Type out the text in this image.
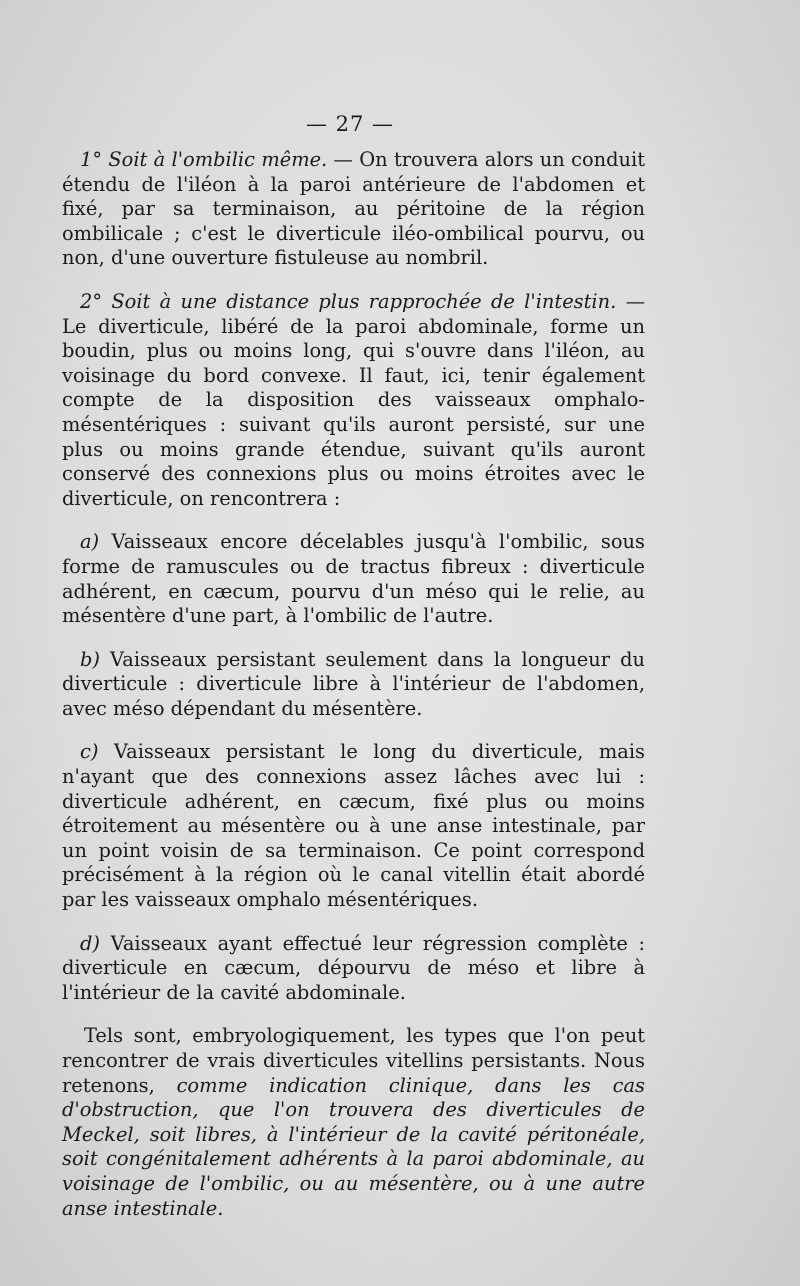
— 27 —

1° Soit à l'ombilic même. — On trouvera alors un conduit étendu de l'iléon à la paroi antérieure de l'abdomen et fixé, par sa terminaison, au péritoine de la région ombilicale ; c'est le diverticule iléo-ombilical pourvu, ou non, d'une ouverture fistuleuse au nombril.

2° Soit à une distance plus rapprochée de l'intestin. — Le diverticule, libéré de la paroi abdominale, forme un boudin, plus ou moins long, qui s'ouvre dans l'iléon, au voisinage du bord convexe. Il faut, ici, tenir également compte de la disposition des vaisseaux omphalo-mésentériques : suivant qu'ils auront persisté, sur une plus ou moins grande étendue, suivant qu'ils auront conservé des connexions plus ou moins étroites avec le diverticule, on rencontrera :

a) Vaisseaux encore décelables jusqu'à l'ombilic, sous forme de ramuscules ou de tractus fibreux : diverticule adhérent, en cæcum, pourvu d'un méso qui le relie, au mésentère d'une part, à l'ombilic de l'autre.

b) Vaisseaux persistant seulement dans la longueur du diverticule : diverticule libre à l'intérieur de l'abdomen, avec méso dépendant du mésentère.

c) Vaisseaux persistant le long du diverticule, mais n'ayant que des connexions assez lâches avec lui : diverticule adhérent, en cæcum, fixé plus ou moins étroitement au mésentère ou à une anse intestinale, par un point voisin de sa terminaison. Ce point correspond précisément à la région où le canal vitellin était abordé par les vaisseaux omphalo mésentériques.

d) Vaisseaux ayant effectué leur régression complète : diverticule en cæcum, dépourvu de méso et libre à l'intérieur de la cavité abdominale.

Tels sont, embryologiquement, les types que l'on peut rencontrer de vrais diverticules vitellins persistants. Nous retenons, comme indication clinique, dans les cas d'obstruction, que l'on trouvera des diverticules de Meckel, soit libres, à l'intérieur de la cavité péritonéale, soit congénitalement adhérents à la paroi abdominale, au voisinage de l'ombilic, ou au mésentère, ou à une autre anse intestinale.
